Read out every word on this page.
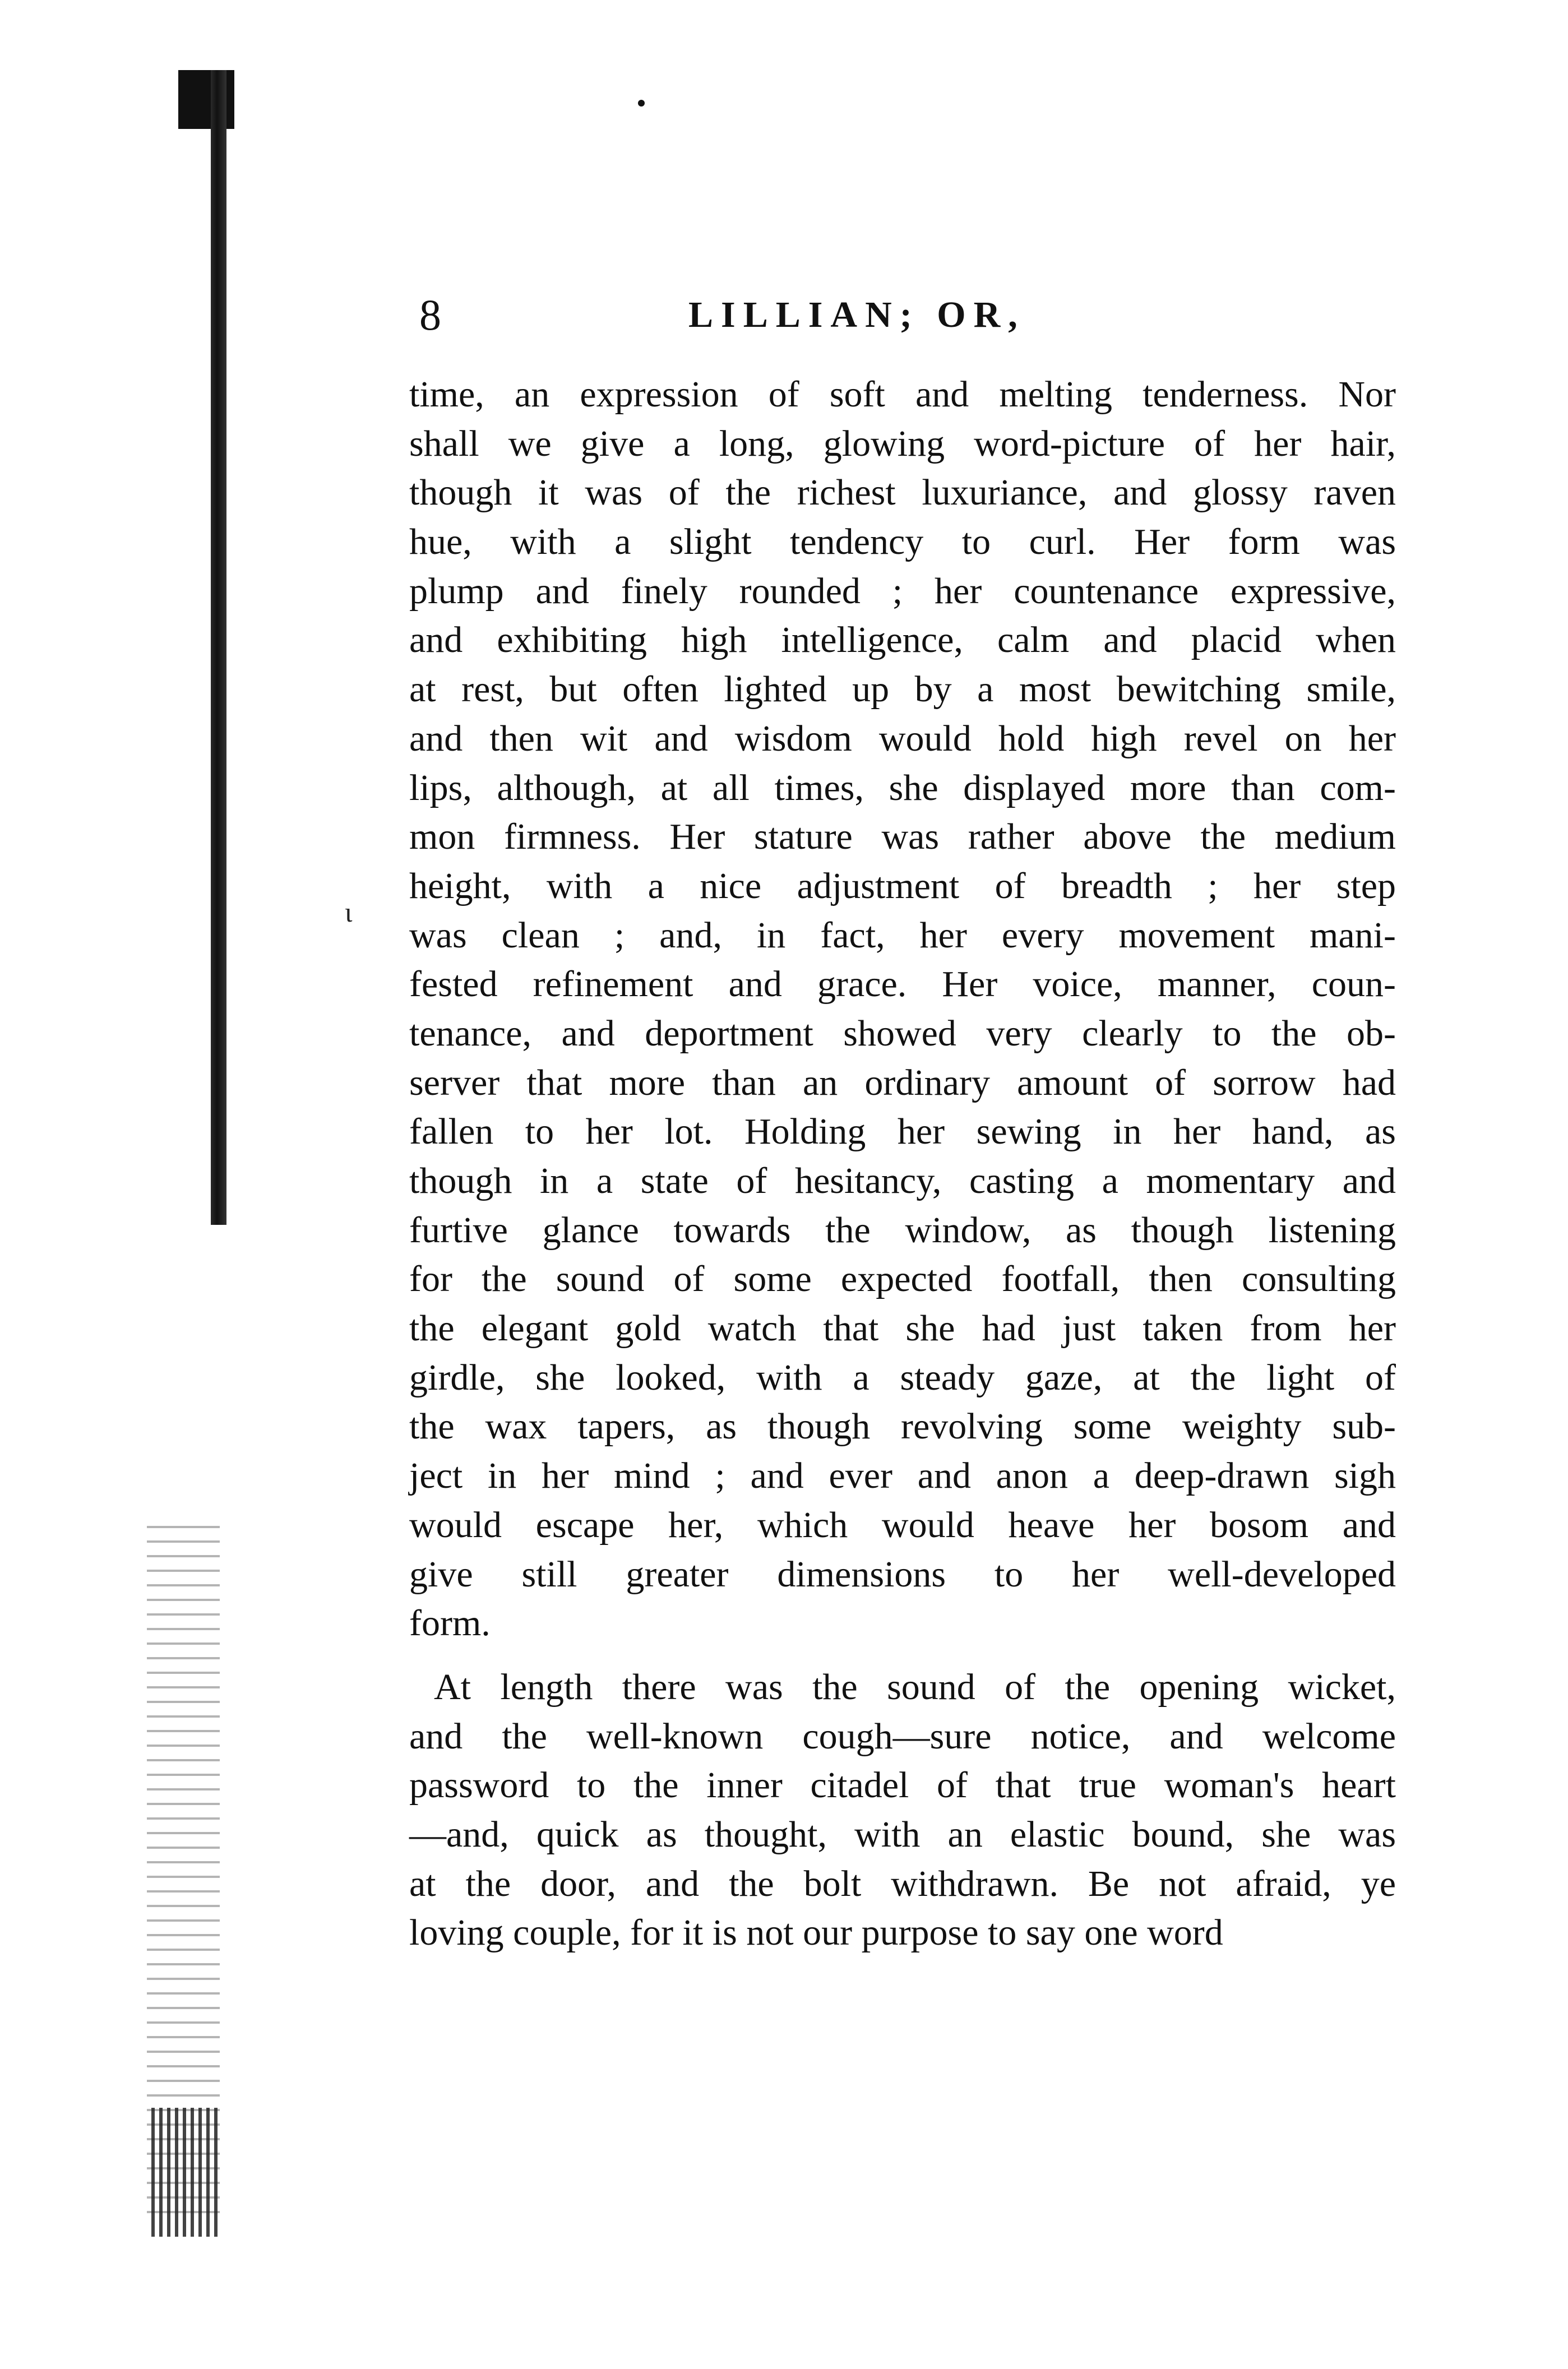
8	LILLIAN; OR,
ι
time, an expression of soft and melting tenderness. Nor
shall we give a long, glowing word-picture of her hair,
though it was of the richest luxuriance, and glossy raven
hue, with a slight tendency to curl. Her form was
plump and finely rounded ; her countenance expressive,
and exhibiting high intelligence, calm and placid when
at rest, but often lighted up by a most bewitching smile,
and then wit and wisdom would hold high revel on her
lips, although, at all times, she displayed more than com-
mon firmness. Her stature was rather above the medium
height, with a nice adjustment of breadth ; her step
was clean ; and, in fact, her every movement mani-
fested refinement and grace. Her voice, manner, coun-
tenance, and deportment showed very clearly to the ob-
server that more than an ordinary amount of sorrow had
fallen to her lot. Holding her sewing in her hand, as
though in a state of hesitancy, casting a momentary and
furtive glance towards the window, as though listening
for the sound of some expected footfall, then consulting
the elegant gold watch that she had just taken from her
girdle, she looked, with a steady gaze, at the light of
the wax tapers, as though revolving some weighty sub-
ject in her mind ; and ever and anon a deep-drawn sigh
would escape her, which would heave her bosom and
give still greater dimensions to her well-developed
form.
At length there was the sound of the opening wicket,
and the well-known cough—sure notice, and welcome
password to the inner citadel of that true woman's heart
—and, quick as thought, with an elastic bound, she was
at the door, and the bolt withdrawn. Be not afraid, ye
loving couple, for it is not our purpose to say one word
